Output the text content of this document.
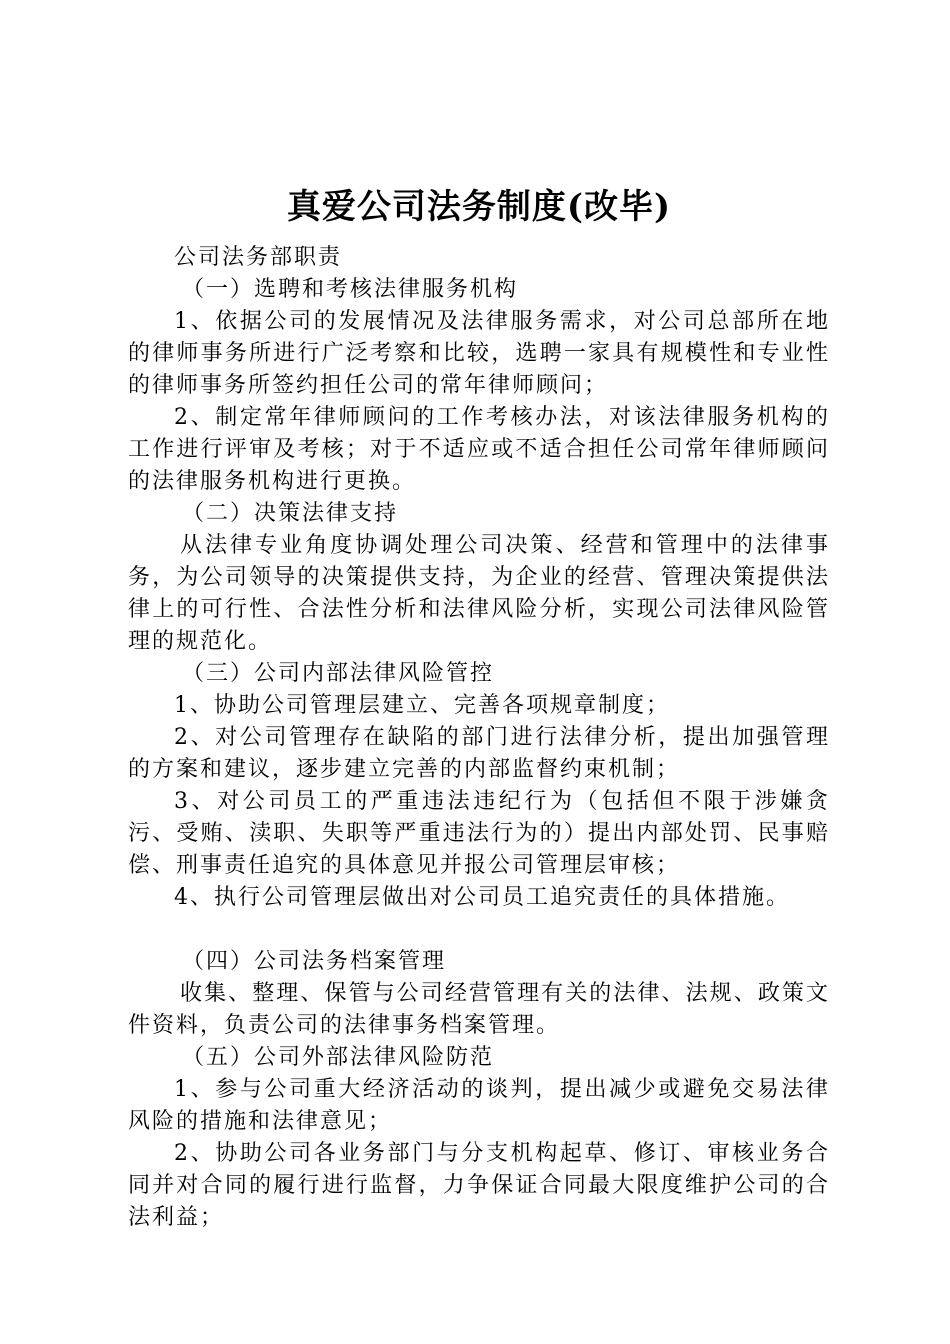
真爱公司法务制度(改毕)

公司法务部职责

（一）选聘和考核法律服务机构

1、依据公司的发展情况及法律服务需求，对公司总部所在地的律师事务所进行广泛考察和比较，选聘一家具有规模性和专业性的律师事务所签约担任公司的常年律师顾问；

2、制定常年律师顾问的工作考核办法，对该法律服务机构的工作进行评审及考核；对于不适应或不适合担任公司常年律师顾问的法律服务机构进行更换。

（二）决策法律支持

从法律专业角度协调处理公司决策、经营和管理中的法律事务，为公司领导的决策提供支持，为企业的经营、管理决策提供法律上的可行性、合法性分析和法律风险分析，实现公司法律风险管理的规范化。

（三）公司内部法律风险管控

1、协助公司管理层建立、完善各项规章制度；

2、对公司管理存在缺陷的部门进行法律分析，提出加强管理的方案和建议，逐步建立完善的内部监督约束机制；

3、对公司员工的严重违法违纪行为（包括但不限于涉嫌贪污、受贿、渎职、失职等严重违法行为的）提出内部处罚、民事赔偿、刑事责任追究的具体意见并报公司管理层审核；

4、执行公司管理层做出对公司员工追究责任的具体措施。

（四）公司法务档案管理

收集、整理、保管与公司经营管理有关的法律、法规、政策文件资料，负责公司的法律事务档案管理。

（五）公司外部法律风险防范

1、参与公司重大经济活动的谈判，提出减少或避免交易法律风险的措施和法律意见；

2、协助公司各业务部门与分支机构起草、修订、审核业务合同并对合同的履行进行监督，力争保证合同最大限度维护公司的合法利益；
